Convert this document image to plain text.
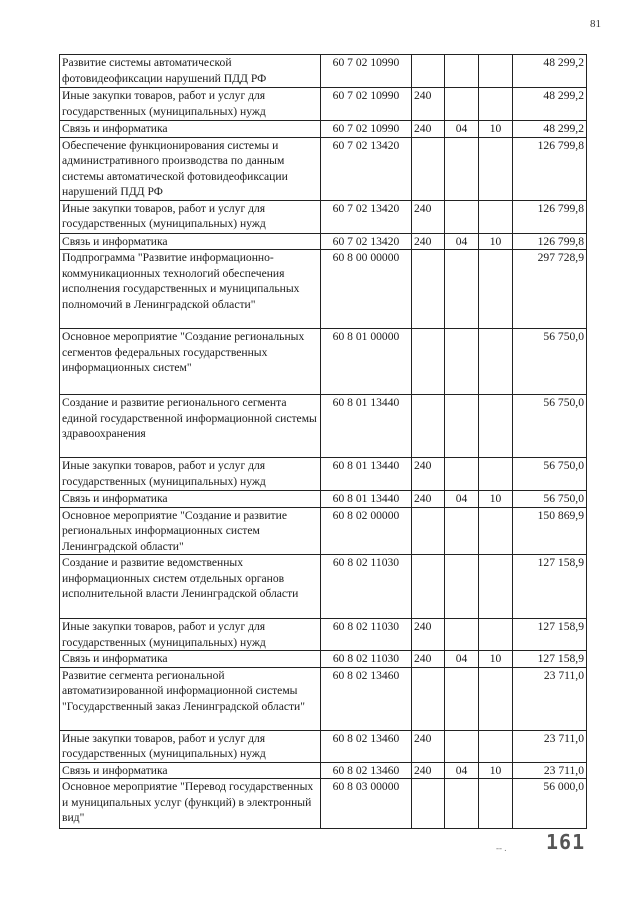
81
Развитие системы автоматической фотовидеофиксации нарушений ПДД РФ	60 7 02 10990				48 299,2
Иные закупки товаров, работ и услуг для государственных (муниципальных) нужд	60 7 02 10990	240			48 299,2
Связь и информатика	60 7 02 10990	240	04	10	48 299,2
Обеспечение функционирования системы и административного производства по данным системы автоматической фотовидеофиксации нарушений ПДД РФ	60 7 02 13420				126 799,8
Иные закупки товаров, работ и услуг для государственных (муниципальных) нужд	60 7 02 13420	240			126 799,8
Связь и информатика	60 7 02 13420	240	04	10	126 799,8
Подпрограмма "Развитие информационно-коммуникационных технологий обеспечения исполнения государственных и муниципальных полномочий в Ленинградской области"	60 8 00 00000				297 728,9
Основное мероприятие "Создание региональных сегментов федеральных государственных информационных систем"	60 8 01 00000				56 750,0
Создание и развитие регионального сегмента единой государственной информационной системы здравоохранения	60 8 01 13440				56 750,0
Иные закупки товаров, работ и услуг для государственных (муниципальных) нужд	60 8 01 13440	240			56 750,0
Связь и информатика	60 8 01 13440	240	04	10	56 750,0
Основное мероприятие "Создание и развитие региональных информационных систем Ленинградской области"	60 8 02 00000				150 869,9
Создание и развитие ведомственных информационных систем отдельных органов исполнительной власти Ленинградской области	60 8 02 11030				127 158,9
Иные закупки товаров, работ и услуг для государственных (муниципальных) нужд	60 8 02 11030	240			127 158,9
Связь и информатика	60 8 02 11030	240	04	10	127 158,9
Развитие сегмента региональной автоматизированной информационной системы "Государственный заказ Ленинградской области"	60 8 02 13460				23 711,0
Иные закупки товаров, работ и услуг для государственных (муниципальных) нужд	60 8 02 13460	240			23 711,0
Связь и информатика	60 8 02 13460	240	04	10	23 711,0
Основное мероприятие "Перевод государственных и муниципальных услуг (функций) в электронный вид"	60 8 03 00000				56 000,0
-- . 161
